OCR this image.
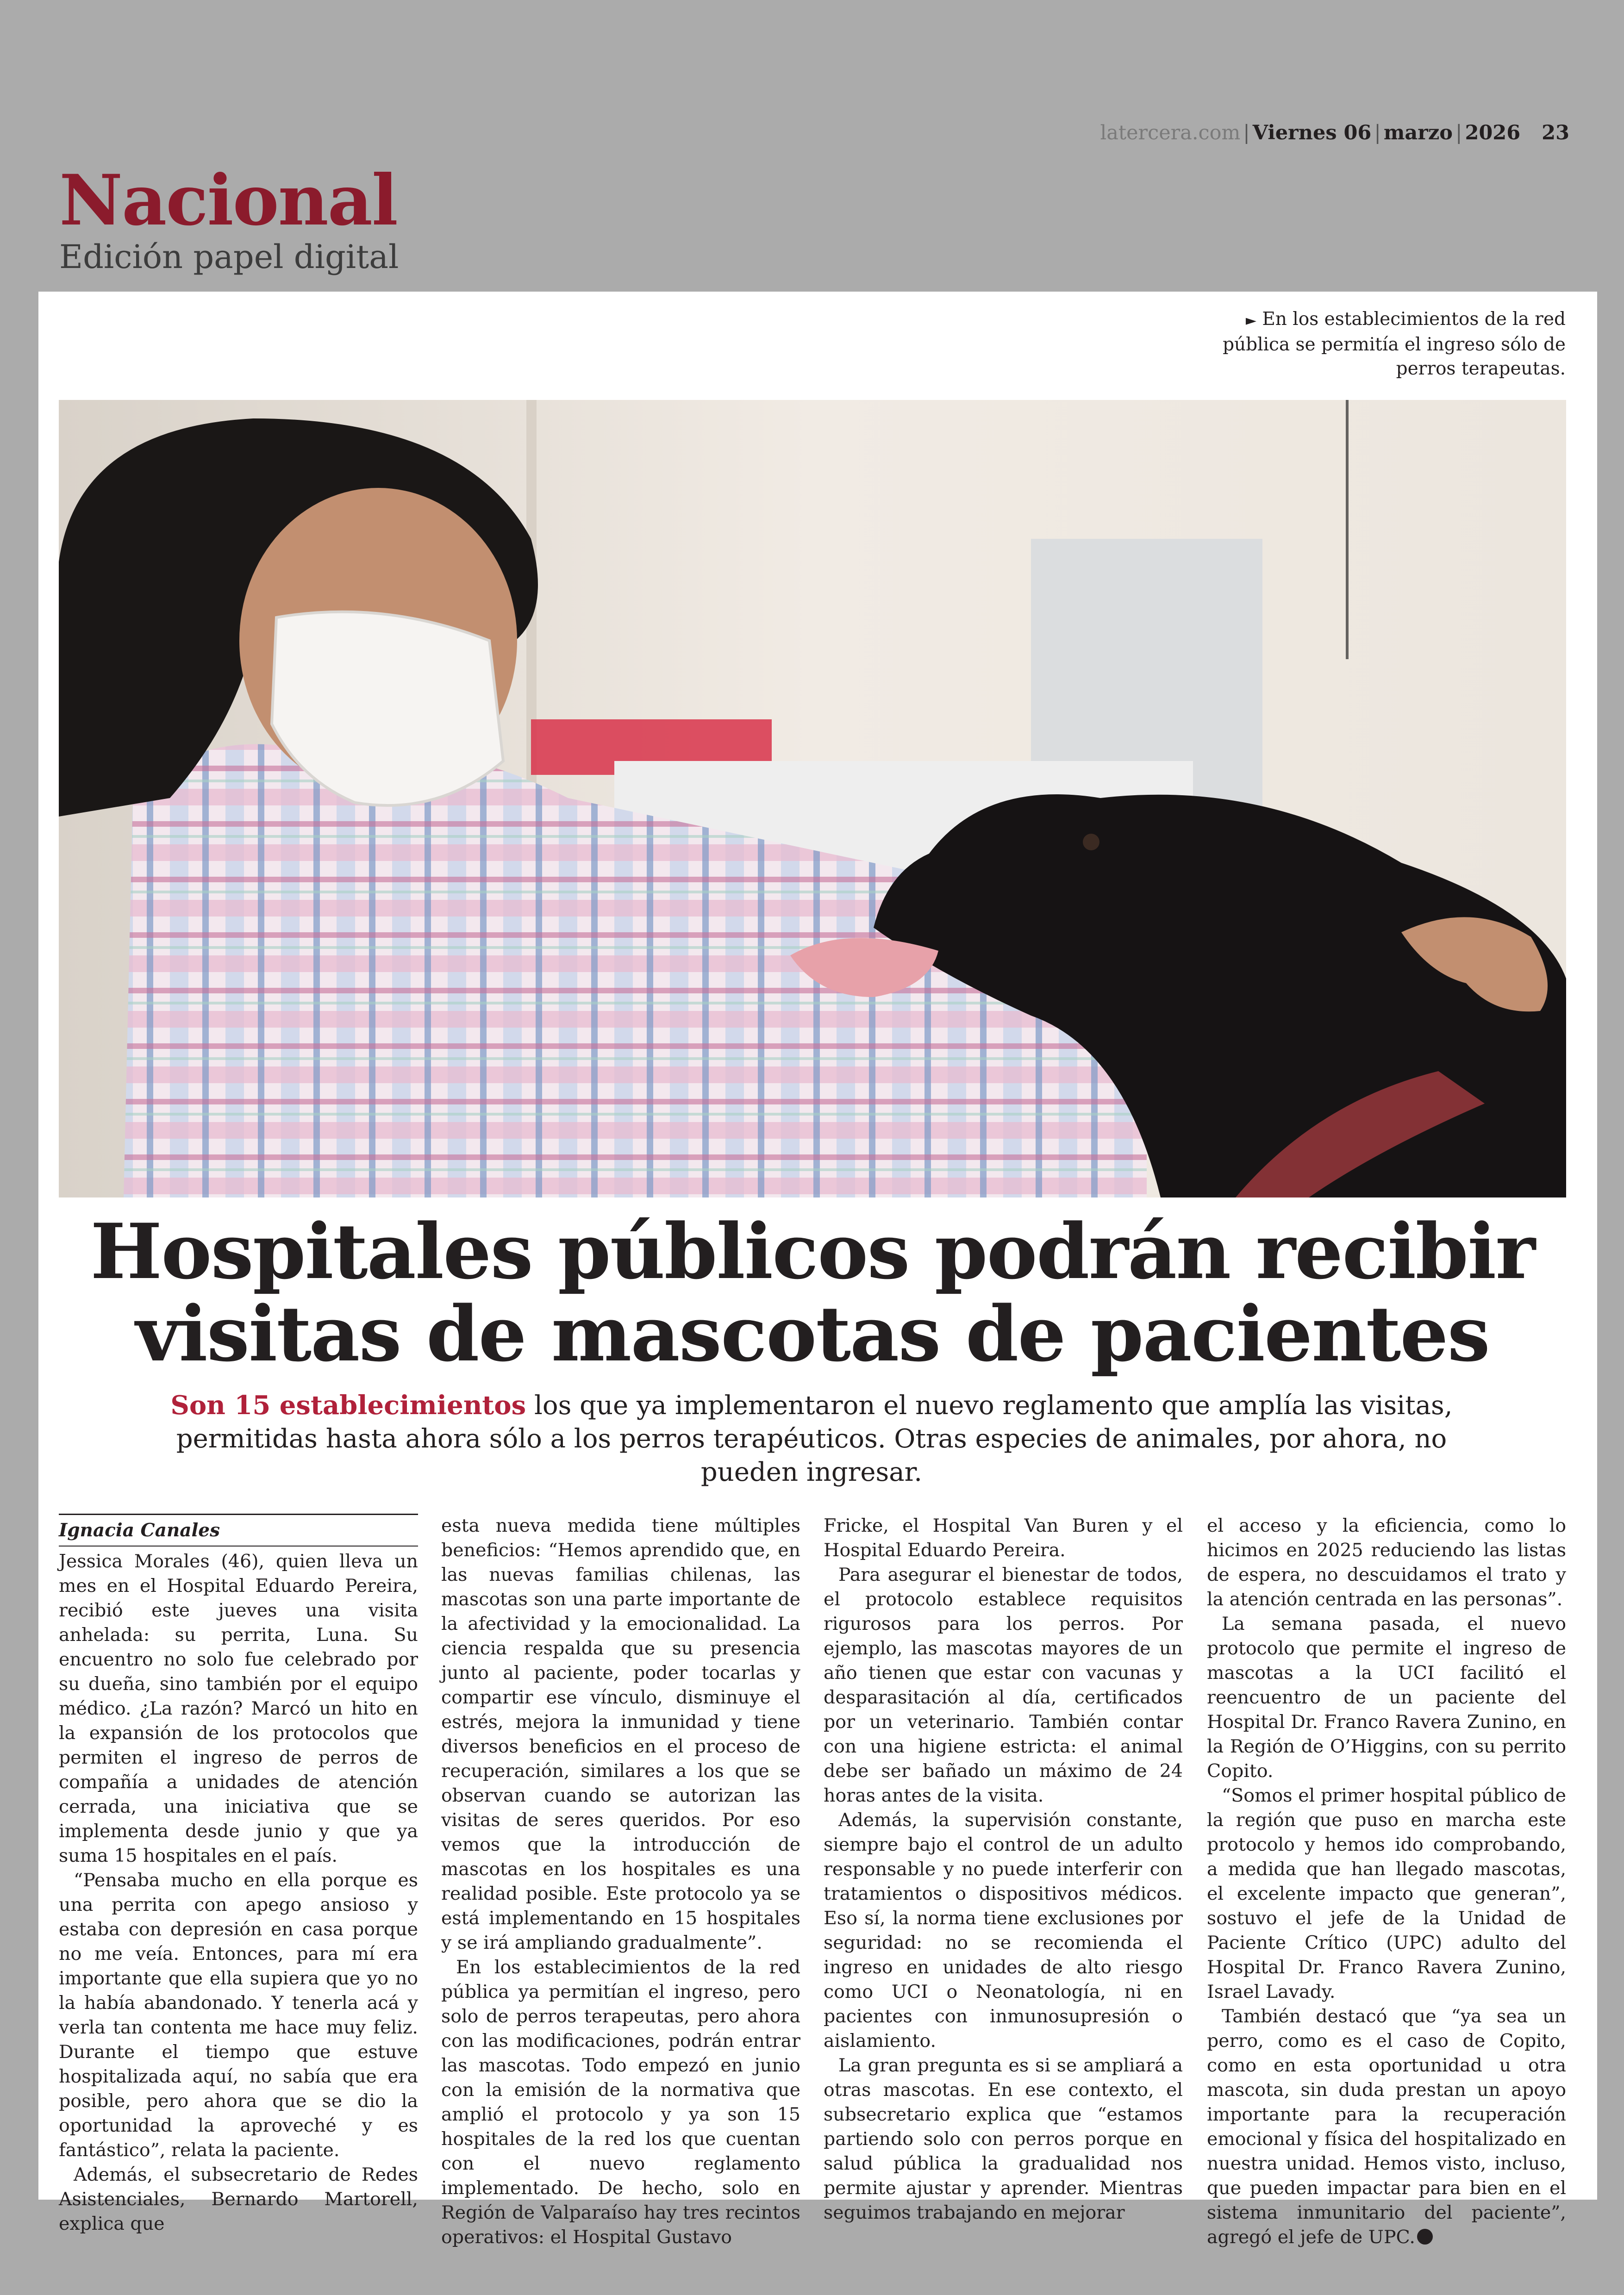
latercera.com | Viernes 06 | marzo | 2026 23
Nacional
Edición papel digital
► En los establecimientos de la red pública se permitía el ingreso sólo de perros terapeutas.
Hospitales públicos podrán recibir
visitas de mascotas de pacientes
Son 15 establecimientos los que ya implementaron el nuevo reglamento que amplía las visitas, permitidas hasta ahora sólo a los perros terapéuticos. Otras especies de animales, por ahora, no pueden ingresar.
Ignacia Canales

Jessica Morales (46), quien lleva un mes en el Hospital Eduardo Pereira, recibió este jueves una visita anhelada: su perrita, Luna. Su encuentro no solo fue celebrado por su dueña, sino también por el equipo médico. ¿La razón? Marcó un hito en la expansión de los protocolos que permiten el ingreso de perros de compañía a unidades de atención cerrada, una iniciativa que se implementa desde junio y que ya suma 15 hospitales en el país.

“Pensaba mucho en ella porque es una perrita con apego ansioso y estaba con depresión en casa porque no me veía. Entonces, para mí era importante que ella supiera que yo no la había abandonado. Y tenerla acá y verla tan contenta me hace muy feliz. Durante el tiempo que estuve hospitalizada aquí, no sabía que era posible, pero ahora que se dio la oportunidad la aproveché y es fantástico”, relata la paciente.

Además, el subsecretario de Redes Asistenciales, Bernardo Martorell, explica que

esta nueva medida tiene múltiples beneficios: “Hemos aprendido que, en las nuevas familias chilenas, las mascotas son una parte importante de la afectividad y la emocionalidad. La ciencia respalda que su presencia junto al paciente, poder tocarlas y compartir ese vínculo, disminuye el estrés, mejora la inmunidad y tiene diversos beneficios en el proceso de recuperación, similares a los que se observan cuando se autorizan las visitas de seres queridos. Por eso vemos que la introducción de mascotas en los hospitales es una realidad posible. Este protocolo ya se está implementando en 15 hospitales y se irá ampliando gradualmente”.

En los establecimientos de la red pública ya permitían el ingreso, pero solo de perros terapeutas, pero ahora con las modificaciones, podrán entrar las mascotas. Todo empezó en junio con la emisión de la normativa que amplió el protocolo y ya son 15 hospitales de la red los que cuentan con el nuevo reglamento implementado. De hecho, solo en Región de Valparaíso hay tres recintos operativos: el Hospital Gustavo

Fricke, el Hospital Van Buren y el Hospital Eduardo Pereira.

Para asegurar el bienestar de todos, el protocolo establece requisitos rigurosos para los perros. Por ejemplo, las mascotas mayores de un año tienen que estar con vacunas y desparasitación al día, certificados por un veterinario. También contar con una higiene estricta: el animal debe ser bañado un máximo de 24 horas antes de la visita.

Además, la supervisión constante, siempre bajo el control de un adulto responsable y no puede interferir con tratamientos o dispositivos médicos. Eso sí, la norma tiene exclusiones por seguridad: no se recomienda el ingreso en unidades de alto riesgo como UCI o Neonatología, ni en pacientes con inmunosupresión o aislamiento.

La gran pregunta es si se ampliará a otras mascotas. En ese contexto, el subsecretario explica que “estamos partiendo solo con perros porque en salud pública la gradualidad nos permite ajustar y aprender. Mientras seguimos trabajando en mejorar

el acceso y la eficiencia, como lo hicimos en 2025 reduciendo las listas de espera, no descuidamos el trato y la atención centrada en las personas”.

La semana pasada, el nuevo protocolo que permite el ingreso de mascotas a la UCI facilitó el reencuentro de un paciente del Hospital Dr. Franco Ravera Zunino, en la Región de O’Higgins, con su perrito Copito.

“Somos el primer hospital público de la región que puso en marcha este protocolo y hemos ido comprobando, a medida que han llegado mascotas, el excelente impacto que generan”, sostuvo el jefe de la Unidad de Paciente Crítico (UPC) adulto del Hospital Dr. Franco Ravera Zunino, Israel Lavady.

También destacó que “ya sea un perro, como es el caso de Copito, como en esta oportunidad u otra mascota, sin duda prestan un apoyo importante para la recuperación emocional y física del hospitalizado en nuestra unidad. Hemos visto, incluso, que pueden impactar para bien en el sistema inmunitario del paciente”, agregó el jefe de UPC.
